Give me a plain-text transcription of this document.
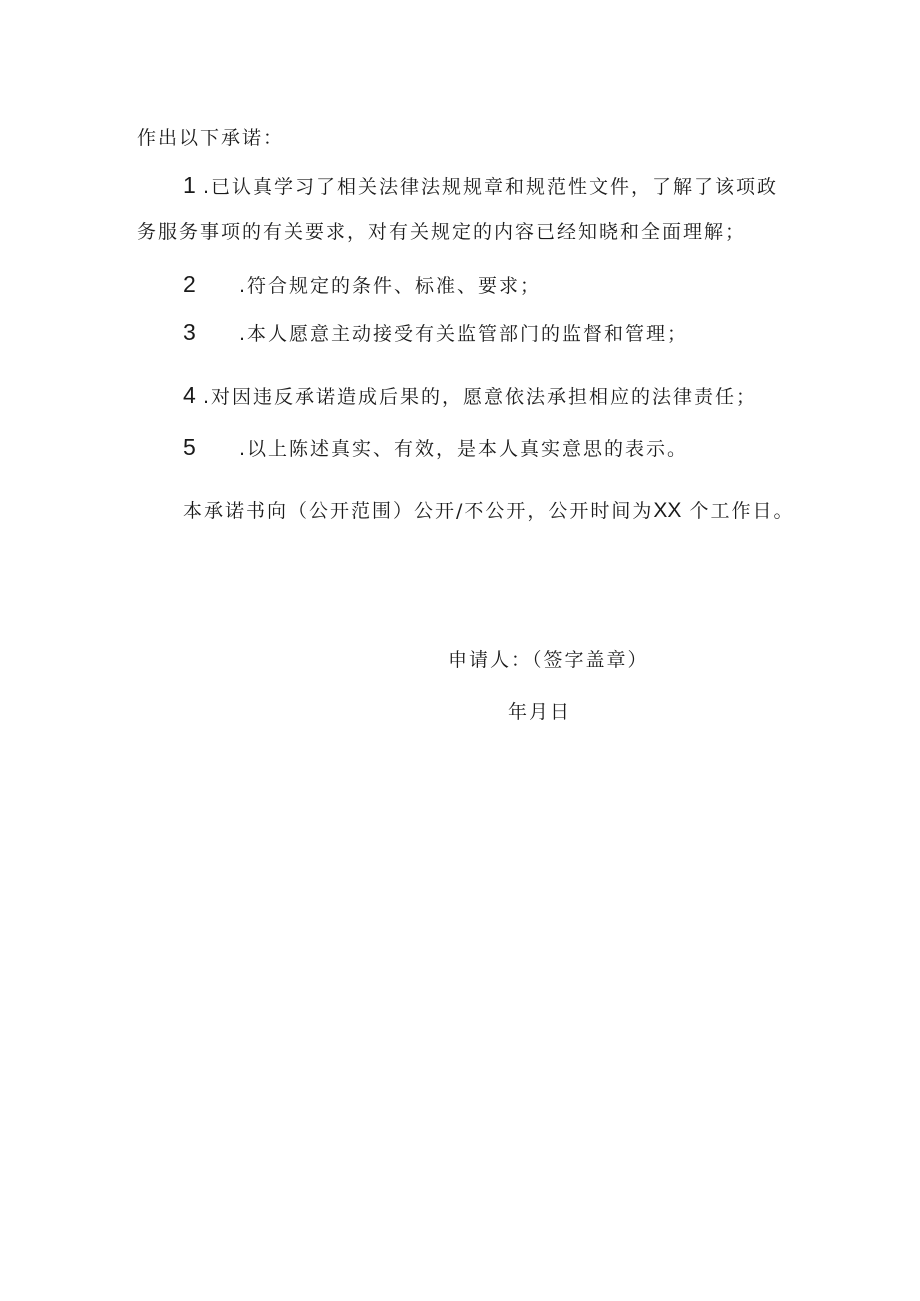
作出以下承诺：
1 .已认真学习了相关法律法规规章和规范性文件，了解了该项政
务服务事项的有关要求，对有关规定的内容已经知晓和全面理解；
2 .符合规定的条件、标准、要求；
3 .本人愿意主动接受有关监管部门的监督和管理；
4 .对因违反承诺造成后果的，愿意依法承担相应的法律责任；
5 .以上陈述真实、有效，是本人真实意思的表示。
本承诺书向（公开范围）公开/不公开，公开时间为XX 个工作日。
申请人：（签字盖章）
年月日
